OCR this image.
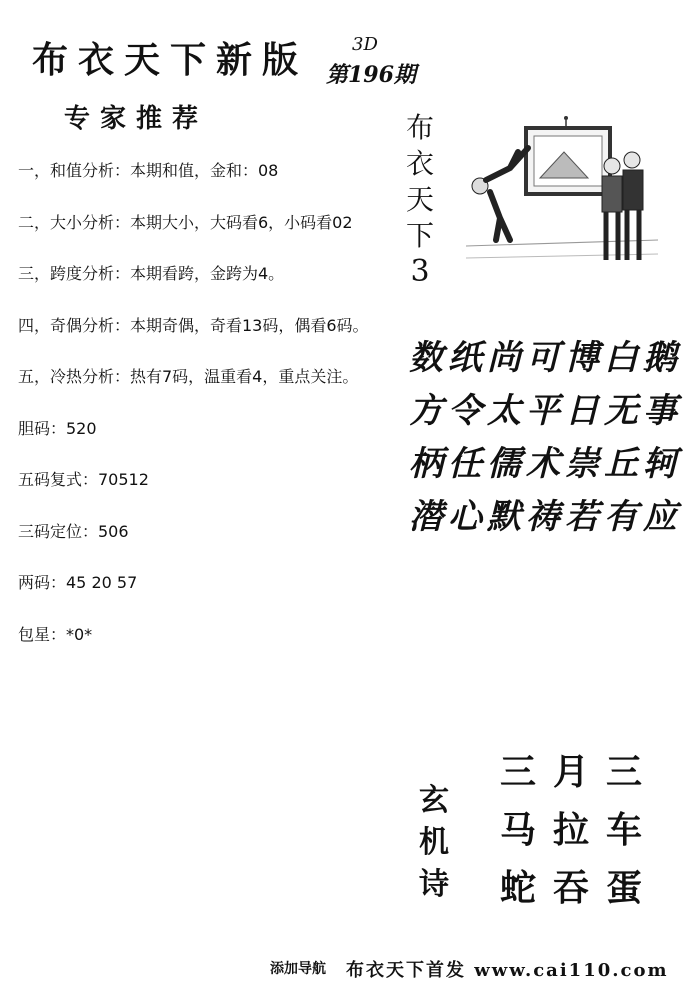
布衣天下新版 3D
第196期
专家推荐
一，和值分析：本期和值，金和：08
二，大小分析：本期大小，大码看6，小码看02
三，跨度分析：本期看跨，金跨为4。
四，奇偶分析：本期奇偶，奇看13码，偶看6码。
五，冷热分析：热有7码，温重看4，重点关注。
胆码：520
五码复式：70512
三码定位：506
两码：45 20 57
包星：*0*
布
衣
天
下
3
数 纸 尚 可 博 白 鹅
方 令 太 平 日 无 事
柄 任 儒 术 崇 丘 轲
潜 心 默 祷 若 有 应
玄
机
诗
三 月 三
马 拉 车
蛇 吞 蛋
添加导航 布衣天下首发 www.cai110.com
